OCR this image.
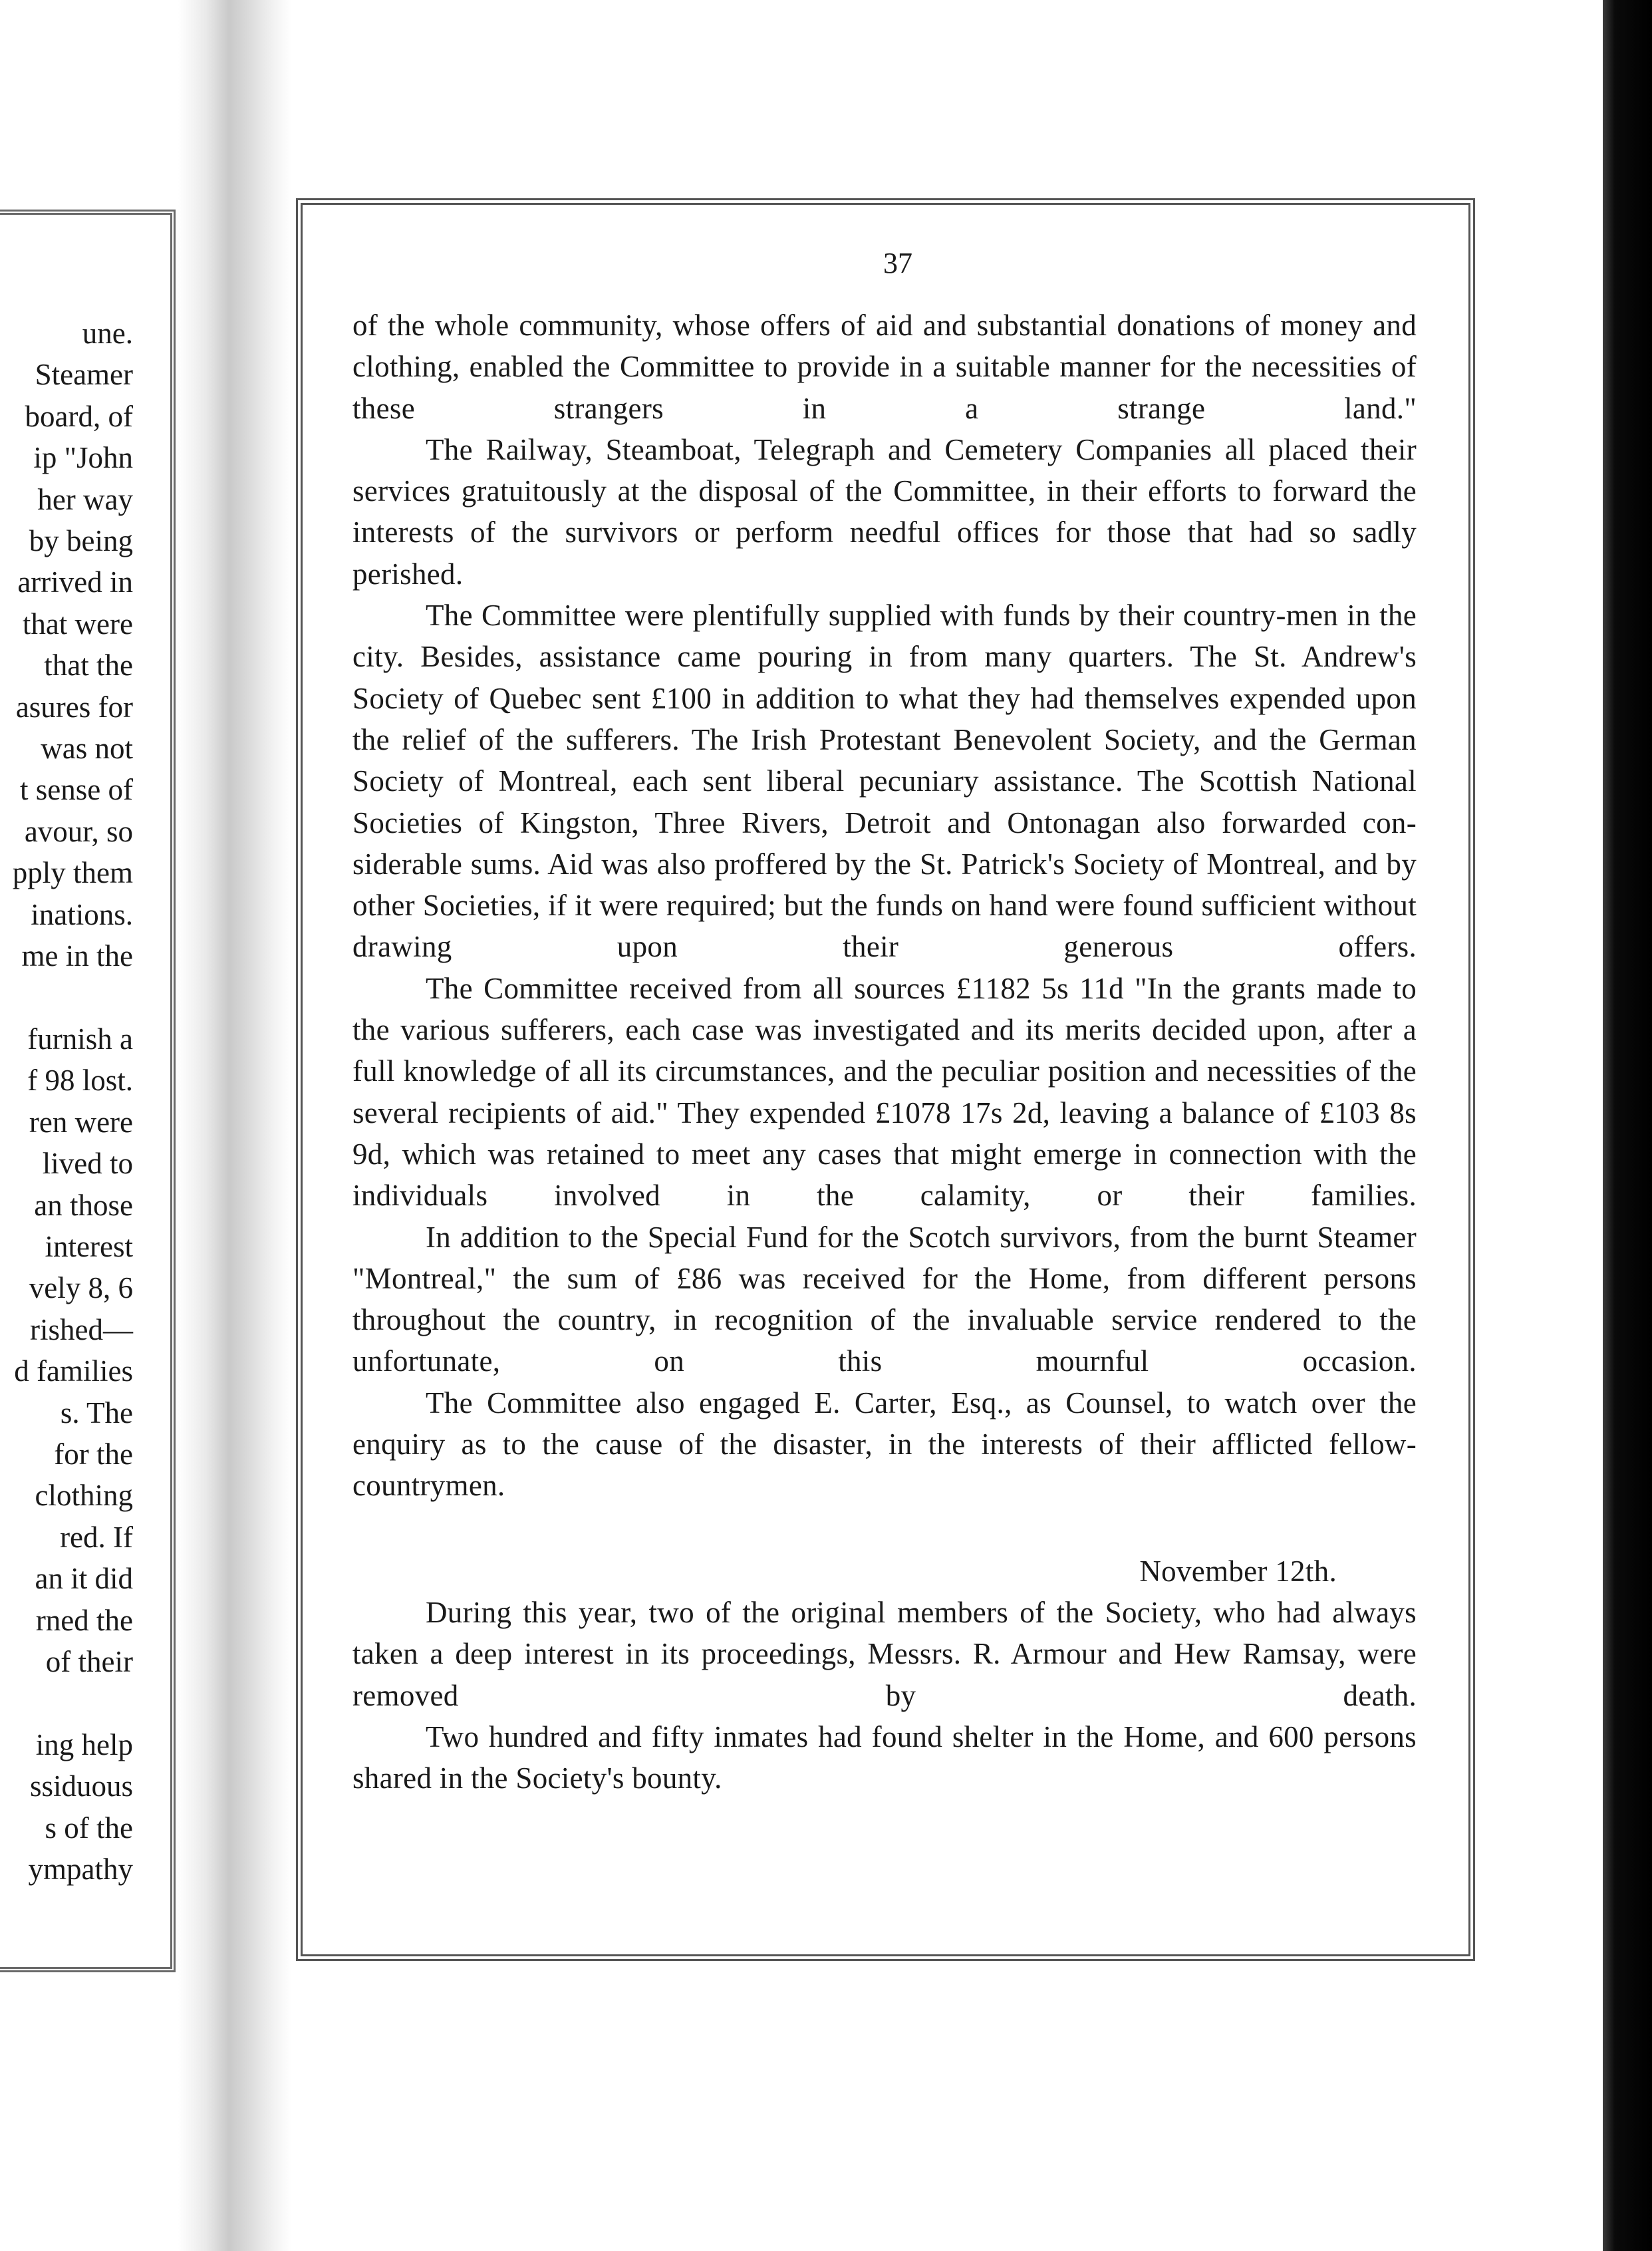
une.
Steamer
board, of
ip "John
her way
by being
arrived in
that were
that the
asures for
was not
t sense of
avour, so
pply them
inations.
me in the

furnish a
f 98 lost.
ren were
lived to
an those
interest
vely 8, 6
rished—
d families
s. The
for the
clothing
red. If
an it did
rned the
of their

ing help
ssiduous
s of the
ympathy
37

of the whole community, whose offers of aid and substantial donations of money and clothing, enabled the Committee to provide in a suitable manner for the necessities of these strangers in a strange land."

The Railway, Steamboat, Telegraph and Cemetery Companies all placed their services gratuitously at the disposal of the Committee, in their efforts to forward the interests of the survivors or perform needful offices for those that had so sadly perished.

The Committee were plentifully supplied with funds by their country-men in the city. Besides, assistance came pouring in from many quarters. The St. Andrew's Society of Quebec sent £100 in addition to what they had themselves expended upon the relief of the sufferers. The Irish Protestant Benevolent Society, and the German Society of Montreal, each sent liberal pecuniary assistance. The Scottish National Societies of Kingston, Three Rivers, Detroit and Ontonagan also forwarded con-siderable sums. Aid was also proffered by the St. Patrick's Society of Montreal, and by other Societies, if it were required; but the funds on hand were found sufficient without drawing upon their generous offers.

The Committee received from all sources £1182 5s 11d "In the grants made to the various sufferers, each case was investigated and its merits decided upon, after a full knowledge of all its circumstances, and the peculiar position and necessities of the several recipients of aid." They expended £1078 17s 2d, leaving a balance of £103 8s 9d, which was retained to meet any cases that might emerge in connection with the individuals involved in the calamity, or their families.

In addition to the Special Fund for the Scotch survivors, from the burnt Steamer "Montreal," the sum of £86 was received for the Home, from different persons throughout the country, in recognition of the invaluable service rendered to the unfortunate, on this mournful occasion.

The Committee also engaged E. Carter, Esq., as Counsel, to watch over the enquiry as to the cause of the disaster, in the interests of their afflicted fellow-countrymen.

November 12th.

During this year, two of the original members of the Society, who had always taken a deep interest in its proceedings, Messrs. R. Armour and Hew Ramsay, were removed by death.

Two hundred and fifty inmates had found shelter in the Home, and 600 persons shared in the Society's bounty.
